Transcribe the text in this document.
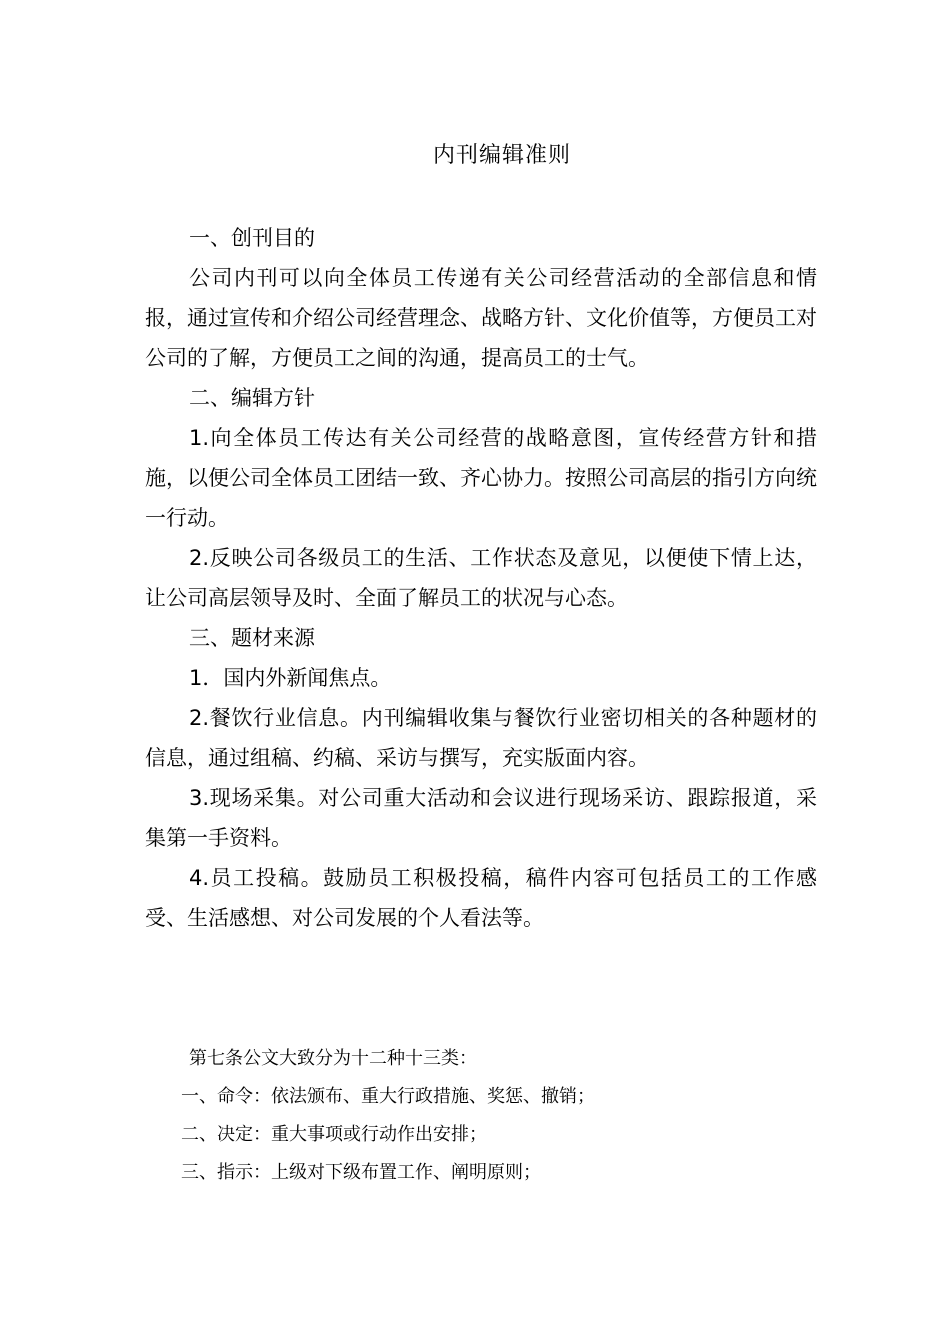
内刊编辑准则

一、创刊目的

公司内刊可以向全体员工传递有关公司经营活动的全部信息和情报，通过宣传和介绍公司经营理念、战略方针、文化价值等，方便员工对公司的了解，方便员工之间的沟通，提高员工的士气。

二、编辑方针

1.向全体员工传达有关公司经营的战略意图，宣传经营方针和措施，以便公司全体员工团结一致、齐心协力。按照公司高层的指引方向统一行动。

2.反映公司各级员工的生活、工作状态及意见，以便使下情上达，让公司高层领导及时、全面了解员工的状况与心态。

三、题材来源

1．国内外新闻焦点。

2.餐饮行业信息。内刊编辑收集与餐饮行业密切相关的各种题材的信息，通过组稿、约稿、采访与撰写，充实版面内容。

3.现场采集。对公司重大活动和会议进行现场采访、跟踪报道，采集第一手资料。

4.员工投稿。鼓励员工积极投稿，稿件内容可包括员工的工作感受、生活感想、对公司发展的个人看法等。

第七条公文大致分为十二种十三类：

一、命令：依法颁布、重大行政措施、奖惩、撤销；

二、决定：重大事项或行动作出安排；

三、指示：上级对下级布置工作、阐明原则；
